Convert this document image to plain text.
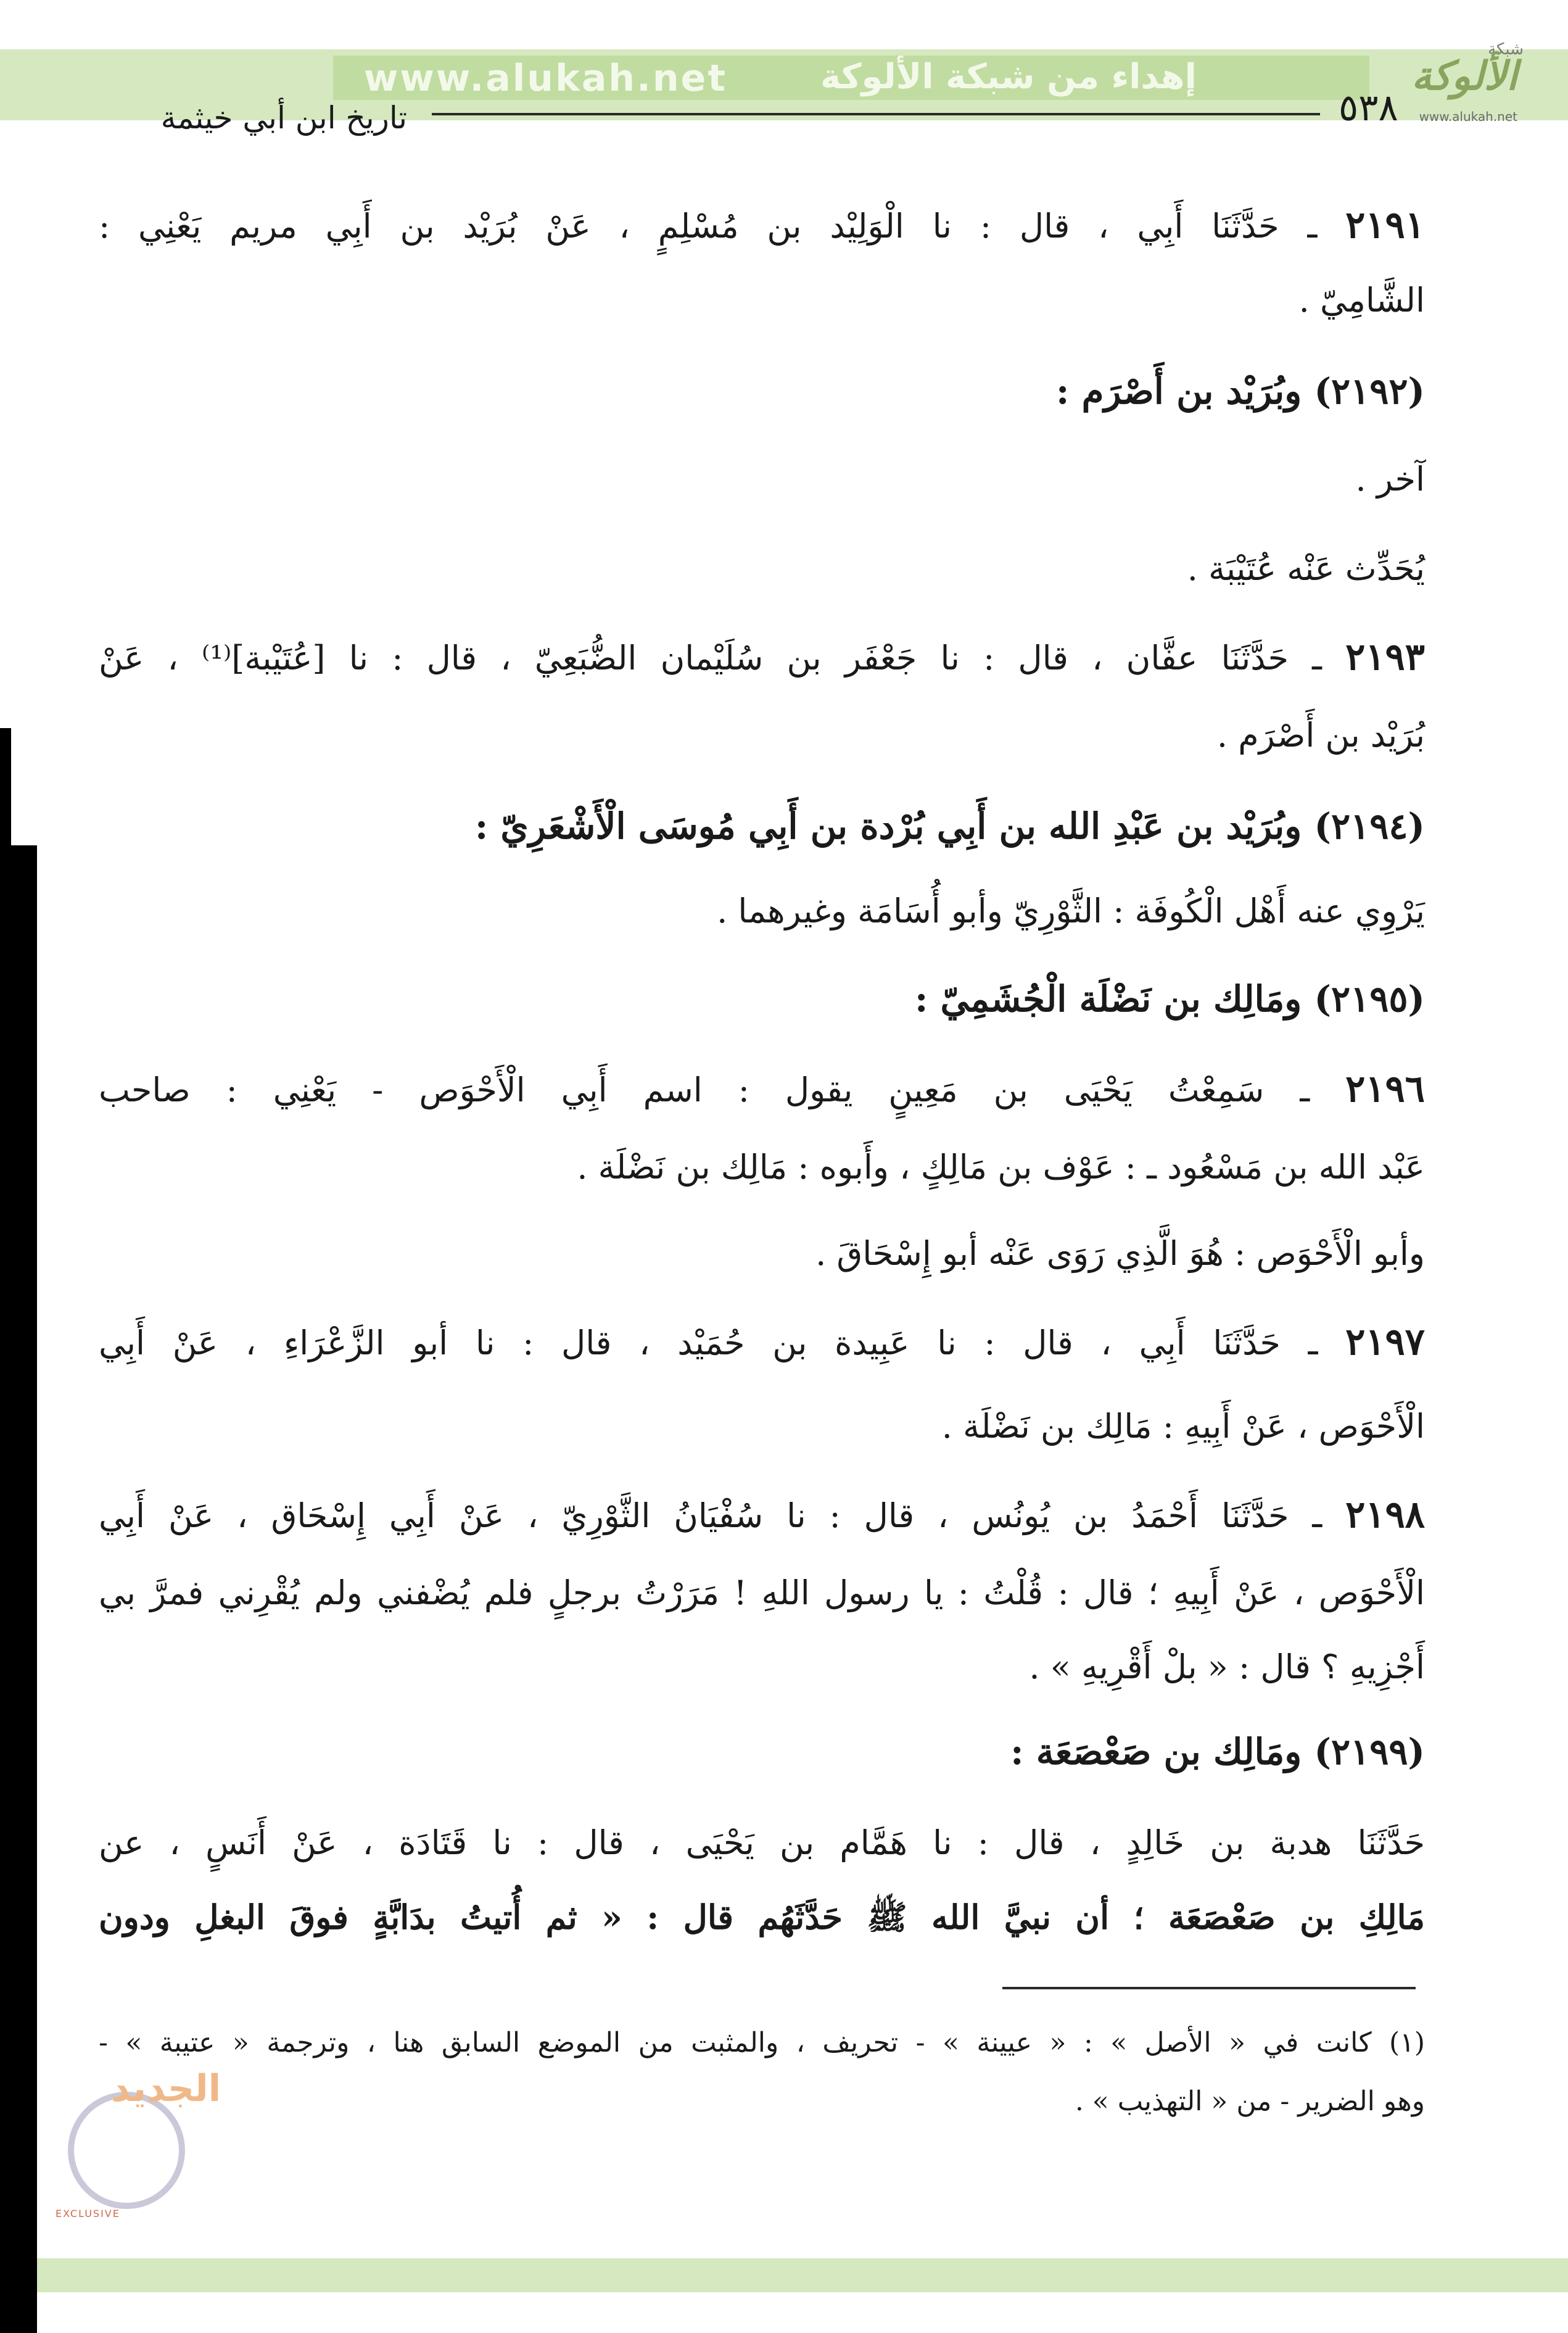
www.alukah.net	إهداء من شبكة الألوكة
شبكة
الألوكة
www.alukah.net
٥٣٨
تاريخ ابن أبي خيثمة
٢١٩١ ـ حَدَّثَنَا أَبِي ، قال : نا الْوَلِيْد بن مُسْلِمٍ ، عَنْ بُرَيْد بن أَبِي مريم يَعْنِي :
الشَّامِيّ .
(٢١٩٢) وبُرَيْد بن أَصْرَم :
آخر .
يُحَدِّث عَنْه عُتَيْبَة .
٢١٩٣ ـ حَدَّثَنَا عفَّان ، قال : نا جَعْفَر بن سُلَيْمان الضُّبَعِيّ ، قال : نا [عُتَيْبة]⁽¹⁾ ، عَنْ
بُرَيْد بن أَصْرَم .
(٢١٩٤) وبُرَيْد بن عَبْدِ الله بن أَبِي بُرْدة بن أَبِي مُوسَى الْأَشْعَرِيّ :
يَرْوِي عنه أَهْل الْكُوفَة : الثَّوْرِيّ وأبو أُسَامَة وغيرهما .
(٢١٩٥) ومَالِك بن نَضْلَة الْجُشَمِيّ :
٢١٩٦ ـ سَمِعْتُ يَحْيَى بن مَعِينٍ يقول : اسم أَبِي الْأَحْوَص - يَعْنِي : صاحب
عَبْد الله بن مَسْعُود ـ : عَوْف بن مَالِكٍ ، وأَبوه : مَالِك بن نَضْلَة .
وأبو الْأَحْوَص : هُوَ الَّذِي رَوَى عَنْه أبو إِسْحَاقَ .
٢١٩٧ ـ حَدَّثَنَا أَبِي ، قال : نا عَبِيدة بن حُمَيْد ، قال : نا أبو الزَّعْرَاءِ ، عَنْ أَبِي
الْأَحْوَص ، عَنْ أَبِيهِ : مَالِك بن نَضْلَة .
٢١٩٨ ـ حَدَّثَنَا أَحْمَدُ بن يُونُس ، قال : نا سُفْيَانُ الثَّوْرِيّ ، عَنْ أَبِي إِسْحَاق ، عَنْ أَبِي
الْأَحْوَص ، عَنْ أَبِيهِ ؛ قال : قُلْتُ : يا رسول اللهِ ! مَرَرْتُ برجلٍ فلم يُضْفني ولم يُقْرِني فمرَّ بي
أَجْزِيهِ ؟ قال : « بلْ أَقْرِيهِ » .
(٢١٩٩) ومَالِك بن صَعْصَعَة :
حَدَّثَنَا هدبة بن خَالِدٍ ، قال : نا هَمَّام بن يَحْيَى ، قال : نا قَتَادَة ، عَنْ أَنَسٍ ، عن
مَالِكِ بن صَعْصَعَة ؛ أن نبيَّ الله ﷺ حَدَّثَهُم قال : « ثم أُتيتُ بدَابَّةٍ فوقَ البغلِ ودون
(١) كانت في « الأصل » : « عيينة » - تحريف ، والمثبت من الموضع السابق هنا ، وترجمة « عتيبة » -
وهو الضرير - من « التهذيب » .
الجديد
EXCLUSIVE
